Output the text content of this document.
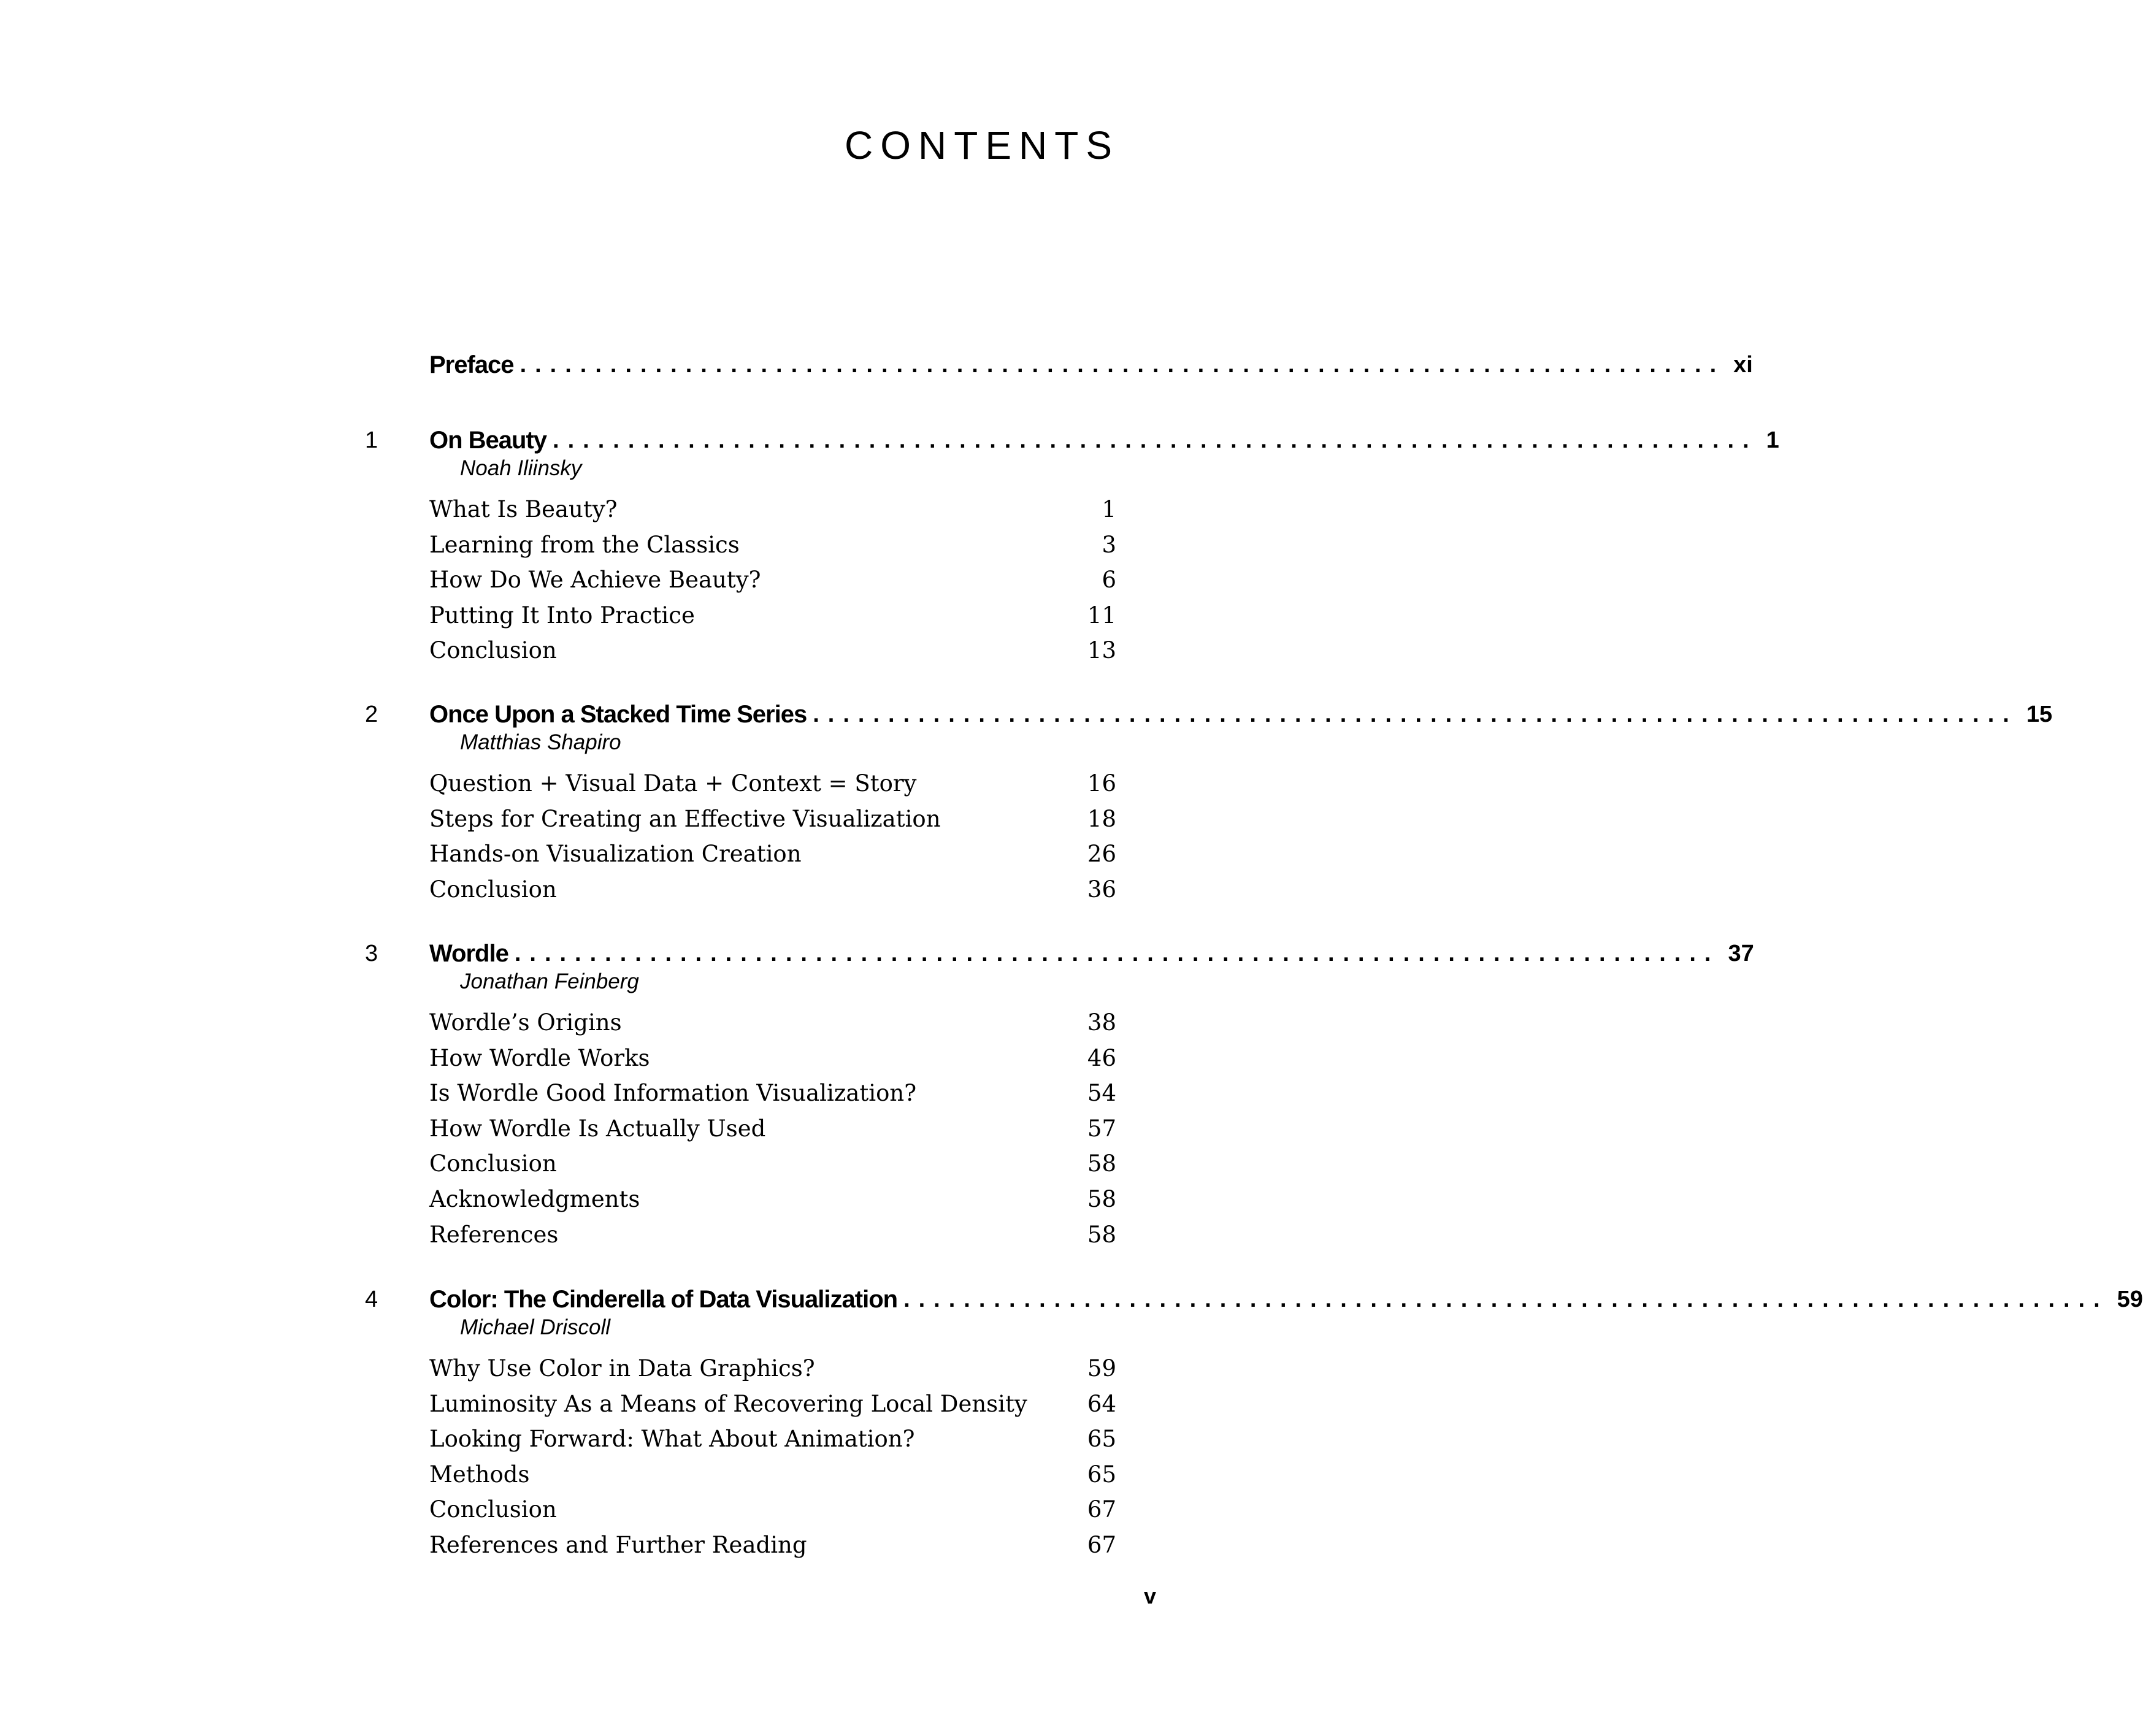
CONTENTS
Preface ................................................................................ xi
1 On Beauty ................................................................................ 1
Noah Iliinsky
What Is Beauty?	1
Learning from the Classics	3
How Do We Achieve Beauty?	6
Putting It Into Practice	11
Conclusion	13
2 Once Upon a Stacked Time Series ................................................................................ 15
Matthias Shapiro
Question + Visual Data + Context = Story	16
Steps for Creating an Effective Visualization	18
Hands-on Visualization Creation	26
Conclusion	36
3 Wordle ................................................................................ 37
Jonathan Feinberg
Wordle’s Origins	38
How Wordle Works	46
Is Wordle Good Information Visualization?	54
How Wordle Is Actually Used	57
Conclusion	58
Acknowledgments	58
References	58
4 Color: The Cinderella of Data Visualization ................................................................................ 59
Michael Driscoll
Why Use Color in Data Graphics?	59
Luminosity As a Means of Recovering Local Density	64
Looking Forward: What About Animation?	65
Methods	65
Conclusion	67
References and Further Reading	67
v
